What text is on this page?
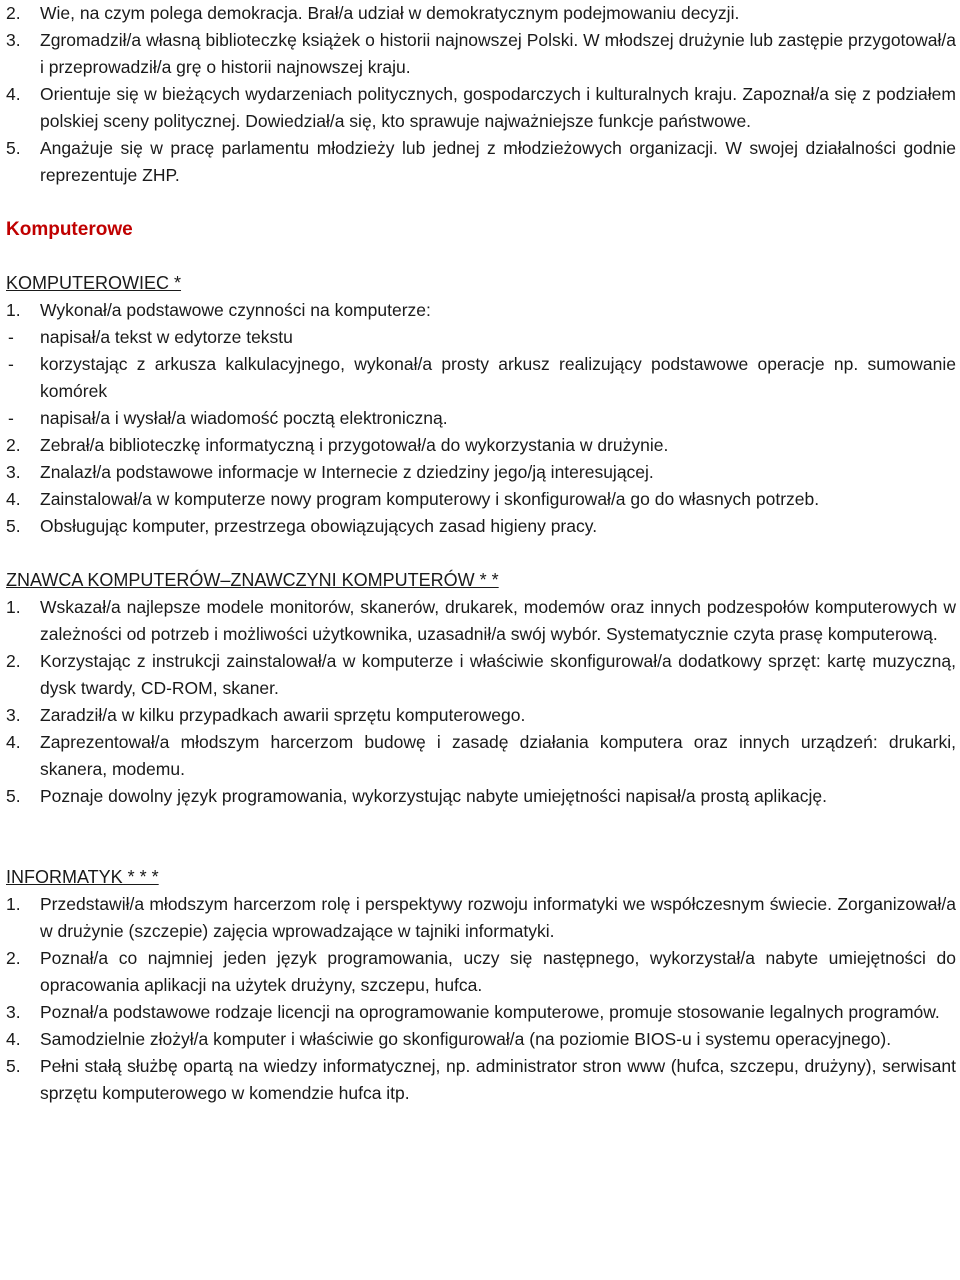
2.	Wie, na czym polega demokracja. Brał/a udział w demokratycznym podejmowaniu decyzji.
3.	Zgromadził/a własną biblioteczkę książek o historii najnowszej Polski. W młodszej drużynie lub zastępie przygotował/a i przeprowadził/a grę o historii najnowszej kraju.
4.	Orientuje się w bieżących wydarzeniach politycznych, gospodarczych i kulturalnych kraju. Zapoznał/a się z podziałem polskiej sceny politycznej. Dowiedział/a się, kto sprawuje najważniejsze funkcje państwowe.
5.	Angażuje się w pracę parlamentu młodzieży lub jednej z młodzieżowych organizacji. W swojej działalności godnie reprezentuje ZHP.
Komputerowe
KOMPUTEROWIEC *
1.	Wykonał/a podstawowe czynności na komputerze:
-	napisał/a tekst w edytorze tekstu
-	korzystając z arkusza kalkulacyjnego, wykonał/a prosty arkusz realizujący podstawowe operacje np. sumowanie komórek
-	napisał/a i wysłał/a wiadomość pocztą elektroniczną.
2.	Zebrał/a biblioteczkę informatyczną i przygotował/a do wykorzystania w drużynie.
3.	Znalazł/a podstawowe informacje w Internecie z dziedziny jego/ją interesującej.
4.	Zainstalował/a w komputerze nowy program komputerowy i skonfigurował/a go do własnych potrzeb.
5.	Obsługując komputer, przestrzega obowiązujących zasad higieny pracy.
ZNAWCA KOMPUTERÓW–ZNAWCZYNI KOMPUTERÓW * *
1.	Wskazał/a najlepsze modele monitorów, skanerów, drukarek, modemów oraz innych podzespołów komputerowych w zależności od potrzeb i możliwości użytkownika, uzasadnił/a swój wybór. Systematycznie czyta prasę komputerową.
2.	Korzystając z instrukcji zainstalował/a w komputerze i właściwie skonfigurował/a dodatkowy sprzęt: kartę muzyczną, dysk twardy, CD-ROM, skaner.
3.	Zaradził/a w kilku przypadkach awarii sprzętu komputerowego.
4.	Zaprezentował/a młodszym harcerzom budowę i zasadę działania komputera oraz innych urządzeń: drukarki, skanera, modemu.
5.	Poznaje dowolny język programowania, wykorzystując nabyte umiejętności napisał/a prostą aplikację.
INFORMATYK * * *
1.	Przedstawił/a młodszym harcerzom rolę i perspektywy rozwoju informatyki we współczesnym świecie. Zorganizował/a w drużynie (szczepie) zajęcia wprowadzające w tajniki informatyki.
2.	Poznał/a co najmniej jeden język programowania, uczy się następnego, wykorzystał/a nabyte umiejętności do opracowania aplikacji na użytek drużyny, szczepu, hufca.
3.	Poznał/a podstawowe rodzaje licencji na oprogramowanie komputerowe, promuje stosowanie legalnych programów.
4.	Samodzielnie złożył/a komputer i właściwie go skonfigurował/a (na poziomie BIOS-u i systemu operacyjnego).
5.	Pełni stałą służbę opartą na wiedzy informatycznej, np. administrator stron www (hufca, szczepu, drużyny), serwisant sprzętu komputerowego w komendzie hufca itp.
